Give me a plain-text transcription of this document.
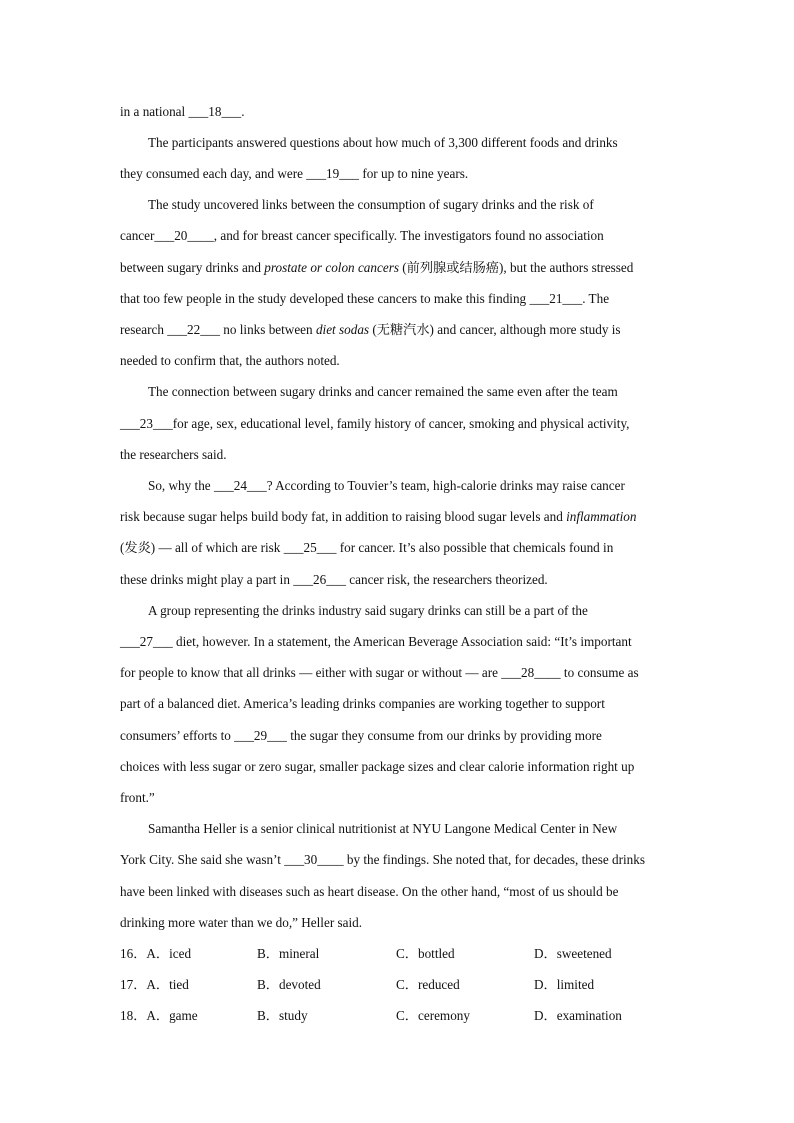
in a national ___18___.
The participants answered questions about how much of 3,300 different foods and drinks
they consumed each day, and were ___19___ for up to nine years.
The study uncovered links between the consumption of sugary drinks and the risk of
cancer___20____, and for breast cancer specifically. The investigators found no association
between sugary drinks and prostate or colon cancers (前列腺或结肠癌), but the authors stressed
that too few people in the study developed these cancers to make this finding ___21___. The
research ___22___ no links between diet sodas (无糖汽水) and cancer, although more study is
needed to confirm that, the authors noted.
The connection between sugary drinks and cancer remained the same even after the team
___23___for age, sex, educational level, family history of cancer, smoking and physical activity,
the researchers said.
So, why the ___24___? According to Touvier’s team, high-calorie drinks may raise cancer
risk because sugar helps build body fat, in addition to raising blood sugar levels and inflammation
(发炎) — all of which are risk ___25___ for cancer. It’s also possible that chemicals found in
these drinks might play a part in ___26___ cancer risk, the researchers theorized.
A group representing the drinks industry said sugary drinks can still be a part of the
___27___ diet, however. In a statement, the American Beverage Association said: “It’s important
for people to know that all drinks — either with sugar or without — are ___28____ to consume as
part of a balanced diet. America’s leading drinks companies are working together to support
consumers’ efforts to ___29___ the sugar they consume from our drinks by providing more
choices with less sugar or zero sugar, smaller package sizes and clear calorie information right up
front.”
Samantha Heller is a senior clinical nutritionist at NYU Langone Medical Center in New
York City. She said she wasn’t ___30____ by the findings. She noted that, for decades, these drinks
have been linked with diseases such as heart disease. On the other hand, “most of us should be
drinking more water than we do,” Heller said.
16．A．iced	B．mineral	C．bottled	D．sweetened
17．A．tied	B．devoted	C．reduced	D．limited
18．A．game	B．study	C．ceremony	D．examination
